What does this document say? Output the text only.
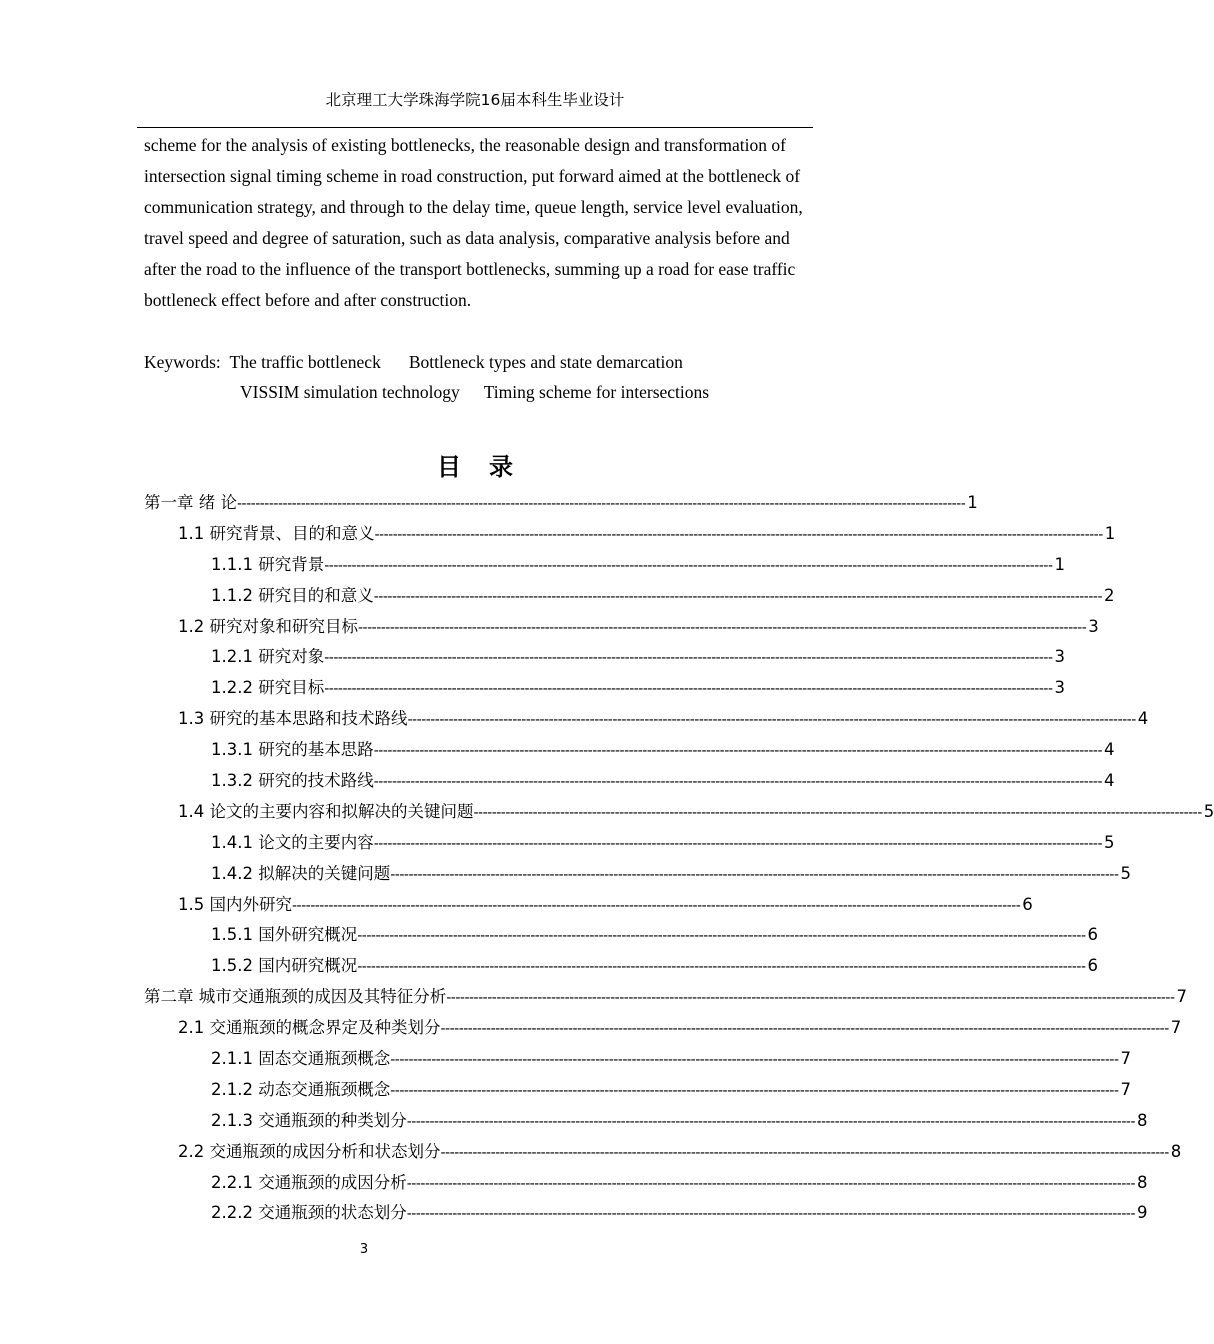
北京理工大学珠海学院16届本科生毕业设计

scheme for the analysis of existing bottlenecks, the reasonable design and transformation of intersection signal timing scheme in road construction, put forward aimed at the bottleneck of communication strategy, and through to the delay time, queue length, service level evaluation, travel speed and degree of saturation, such as data analysis, comparative analysis before and after the road to the influence of the transport bottlenecks, summing up a road for ease traffic bottleneck effect before and after construction.

Keywords: The traffic bottleneck Bottleneck types and state demarcation
VISSIM simulation technology Timing scheme for intersections
目录
第一章 绪 论 ---------------------------------------------------------------------------------------------------------------------------------------------------------------- 1
1.1 研究背景、目的和意义 ---------------------------------------------------------------------------------------------------------------------------------------------------------------- 1
1.1.1 研究背景 ---------------------------------------------------------------------------------------------------------------------------------------------------------------- 1
1.1.2 研究目的和意义 ---------------------------------------------------------------------------------------------------------------------------------------------------------------- 2
1.2 研究对象和研究目标 ---------------------------------------------------------------------------------------------------------------------------------------------------------------- 3
1.2.1 研究对象 ---------------------------------------------------------------------------------------------------------------------------------------------------------------- 3
1.2.2 研究目标 ---------------------------------------------------------------------------------------------------------------------------------------------------------------- 3
1.3 研究的基本思路和技术路线 ---------------------------------------------------------------------------------------------------------------------------------------------------------------- 4
1.3.1 研究的基本思路 ---------------------------------------------------------------------------------------------------------------------------------------------------------------- 4
1.3.2 研究的技术路线 ---------------------------------------------------------------------------------------------------------------------------------------------------------------- 4
1.4 论文的主要内容和拟解决的关键问题 ---------------------------------------------------------------------------------------------------------------------------------------------------------------- 5
1.4.1 论文的主要内容 ---------------------------------------------------------------------------------------------------------------------------------------------------------------- 5
1.4.2 拟解决的关键问题 ---------------------------------------------------------------------------------------------------------------------------------------------------------------- 5
1.5 国内外研究 ---------------------------------------------------------------------------------------------------------------------------------------------------------------- 6
1.5.1 国外研究概况 ---------------------------------------------------------------------------------------------------------------------------------------------------------------- 6
1.5.2 国内研究概况 ---------------------------------------------------------------------------------------------------------------------------------------------------------------- 6
第二章 城市交通瓶颈的成因及其特征分析 ---------------------------------------------------------------------------------------------------------------------------------------------------------------- 7
2.1 交通瓶颈的概念界定及种类划分 ---------------------------------------------------------------------------------------------------------------------------------------------------------------- 7
2.1.1 固态交通瓶颈概念 ---------------------------------------------------------------------------------------------------------------------------------------------------------------- 7
2.1.2 动态交通瓶颈概念 ---------------------------------------------------------------------------------------------------------------------------------------------------------------- 7
2.1.3 交通瓶颈的种类划分 ---------------------------------------------------------------------------------------------------------------------------------------------------------------- 8
2.2 交通瓶颈的成因分析和状态划分 ---------------------------------------------------------------------------------------------------------------------------------------------------------------- 8
2.2.1 交通瓶颈的成因分析 ---------------------------------------------------------------------------------------------------------------------------------------------------------------- 8
2.2.2 交通瓶颈的状态划分 ---------------------------------------------------------------------------------------------------------------------------------------------------------------- 9
3
